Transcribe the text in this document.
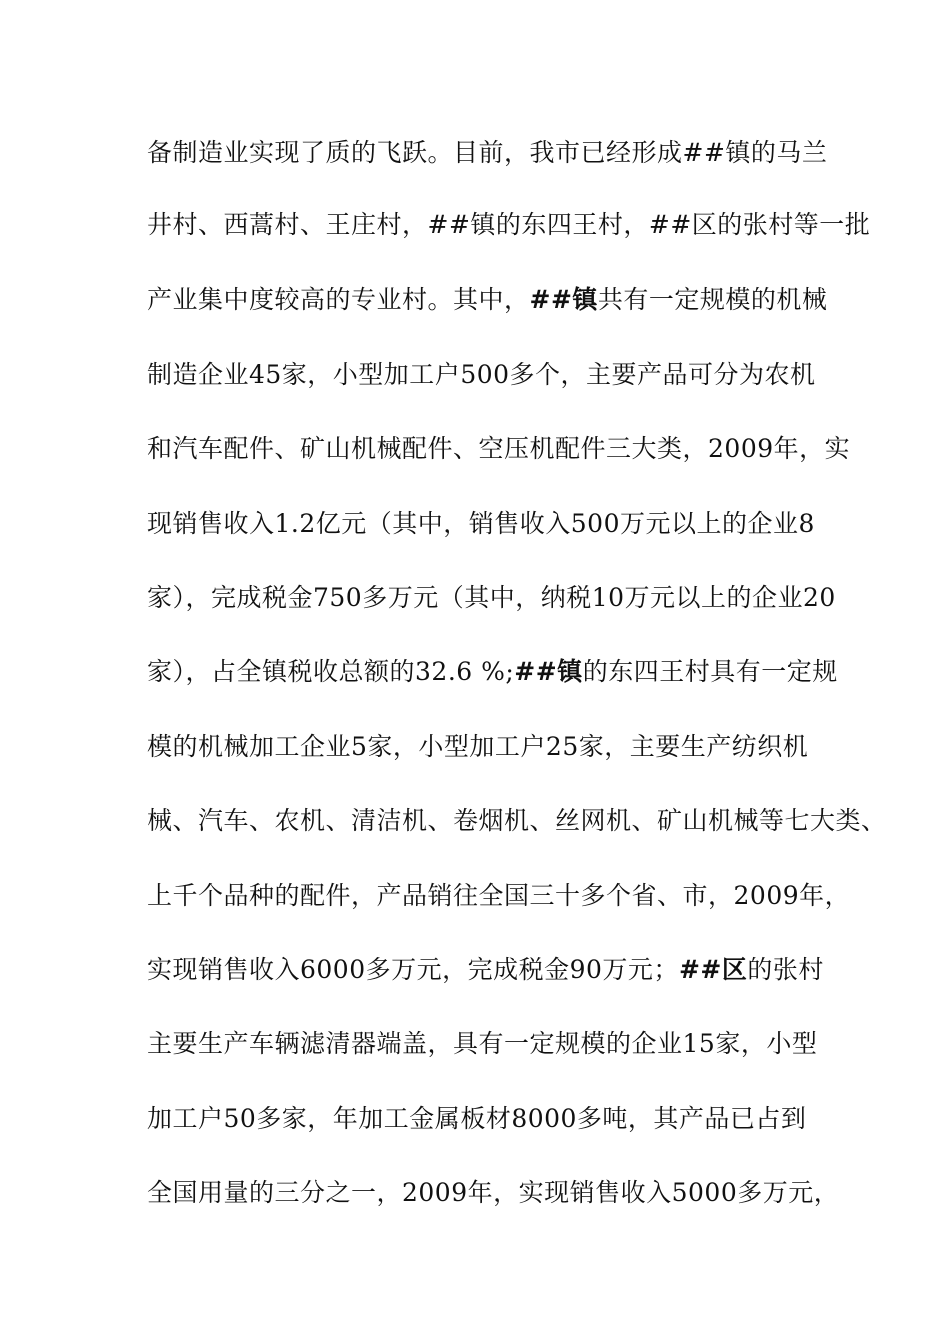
备制造业实现了质的飞跃。目前，我市已经形成##镇的马兰
井村、西蒿村、王庄村，##镇的东四王村，##区的张村等一批
产业集中度较高的专业村。其中，##镇共有一定规模的机械
制造企业45家，小型加工户500多个，主要产品可分为农机
和汽车配件、矿山机械配件、空压机配件三大类，2009年，实
现销售收入1.2亿元（其中，销售收入500万元以上的企业8
家），完成税金750多万元（其中，纳税10万元以上的企业20
家），占全镇税收总额的32.6 %;##镇的东四王村具有一定规
模的机械加工企业5家，小型加工户25家，主要生产纺织机
械、汽车、农机、清洁机、卷烟机、丝网机、矿山机械等七大类、
上千个品种的配件，产品销往全国三十多个省、市，2009年，
实现销售收入6000多万元，完成税金90万元；##区的张村
主要生产车辆滤清器端盖，具有一定规模的企业15家，小型
加工户50多家，年加工金属板材8000多吨，其产品已占到
全国用量的三分之一，2009年，实现销售收入5000多万元，
